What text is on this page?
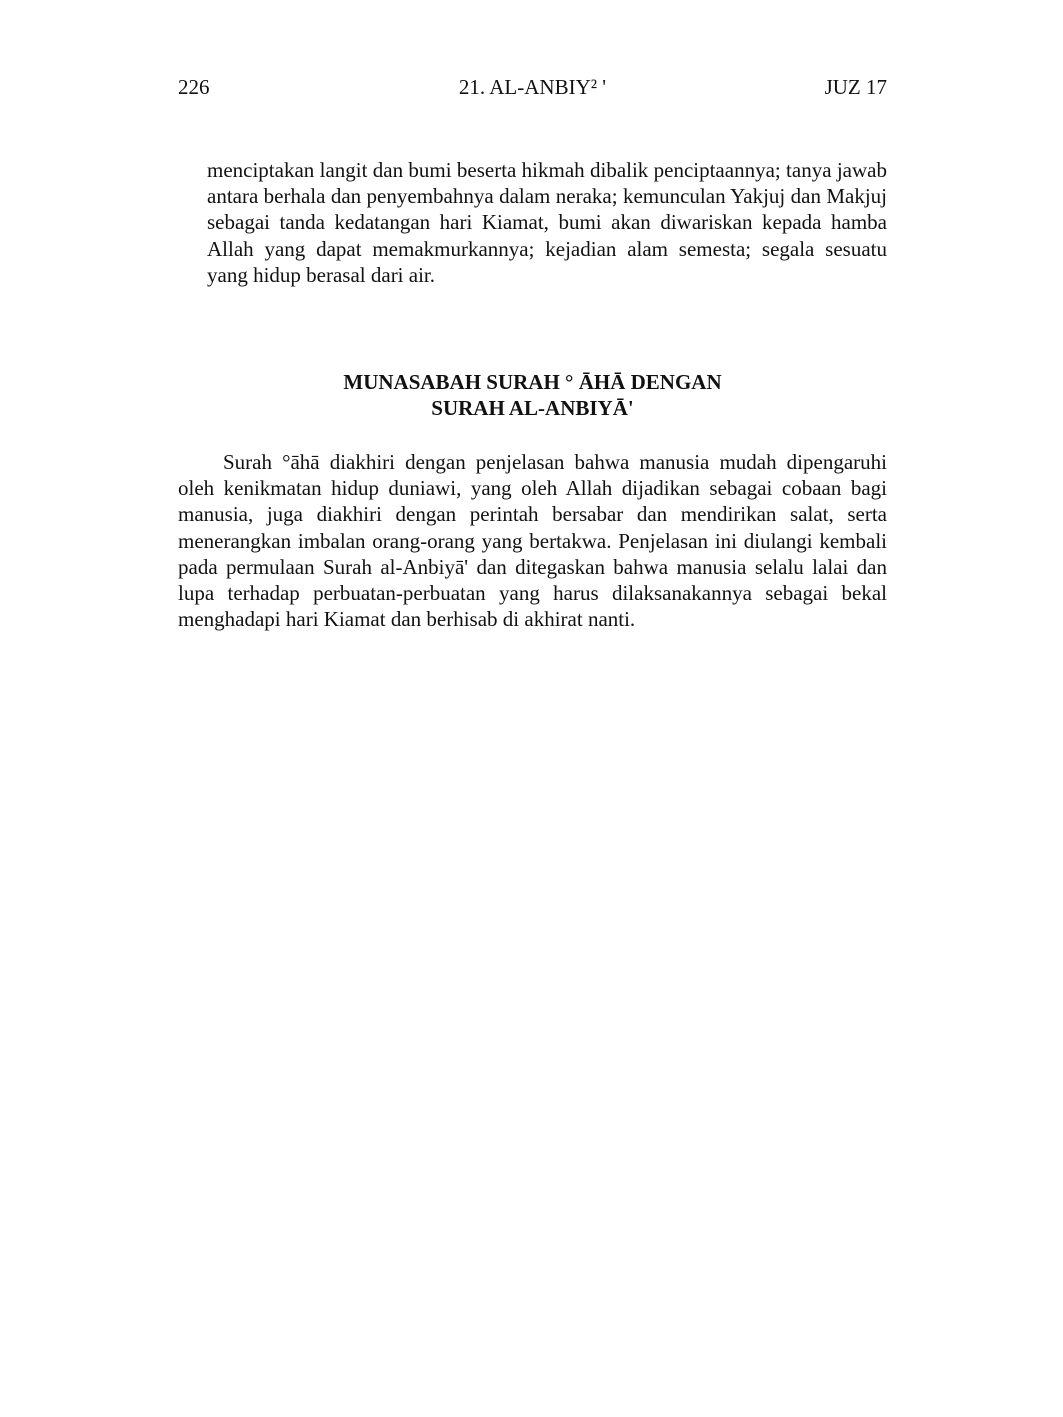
226	21. AL-ANBIY² '	JUZ 17

menciptakan langit dan bumi beserta hikmah dibalik penciptaannya; tanya jawab antara berhala dan penyembahnya dalam neraka; kemunculan Yakjuj dan Makjuj sebagai tanda kedatangan hari Kiamat, bumi akan diwariskan kepada hamba Allah yang dapat memakmurkannya; kejadian alam semesta; segala sesuatu yang hidup berasal dari air.

MUNASABAH SURAH ° ĀHĀ DENGAN
SURAH AL-ANBIYĀ'

Surah °āhā diakhiri dengan penjelasan bahwa manusia mudah dipengaruhi oleh kenikmatan hidup duniawi, yang oleh Allah dijadikan sebagai cobaan bagi manusia, juga diakhiri dengan perintah bersabar dan mendirikan salat, serta menerangkan imbalan orang-orang yang bertakwa. Penjelasan ini diulangi kembali pada permulaan Surah al-Anbiyā' dan ditegaskan bahwa manusia selalu lalai dan lupa terhadap perbuatan-perbuatan yang harus dilaksanakannya sebagai bekal menghadapi hari Kiamat dan berhisab di akhirat nanti.
